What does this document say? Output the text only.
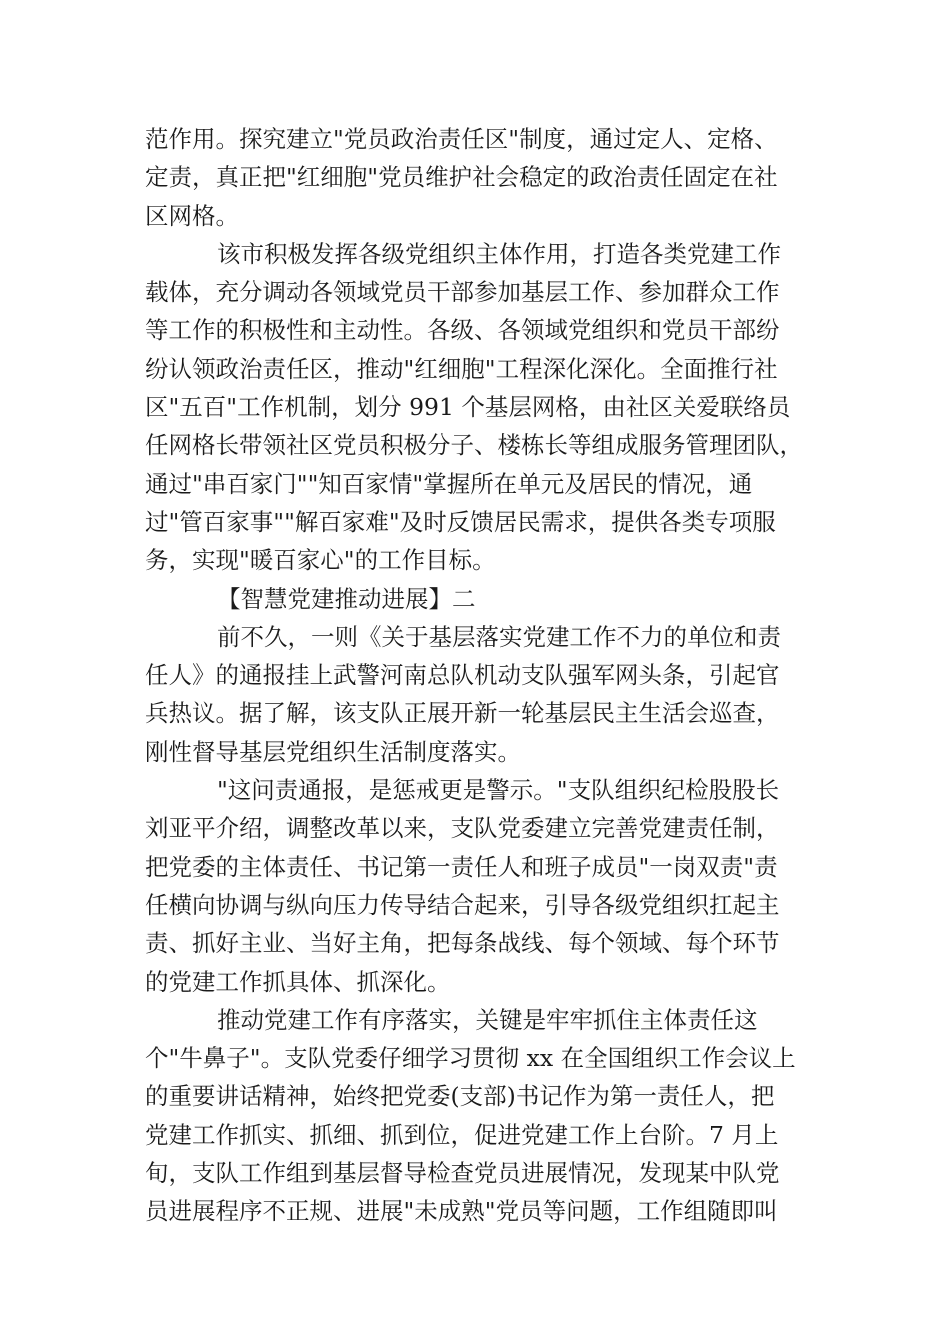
范作用。探究建立"党员政治责任区"制度，通过定人、定格、
定责，真正把"红细胞"党员维护社会稳定的政治责任固定在社
区网格。
该市积极发挥各级党组织主体作用，打造各类党建工作
载体，充分调动各领域党员干部参加基层工作、参加群众工作
等工作的积极性和主动性。各级、各领域党组织和党员干部纷
纷认领政治责任区，推动"红细胞"工程深化深化。全面推行社
区"五百"工作机制，划分 991 个基层网格，由社区关爱联络员
任网格长带领社区党员积极分子、楼栋长等组成服务管理团队，
通过"串百家门""知百家情"掌握所在单元及居民的情况，通
过"管百家事""解百家难"及时反馈居民需求，提供各类专项服
务，实现"暖百家心"的工作目标。
【智慧党建推动进展】二
前不久，一则《关于基层落实党建工作不力的单位和责
任人》的通报挂上武警河南总队机动支队强军网头条，引起官
兵热议。据了解，该支队正展开新一轮基层民主生活会巡查，
刚性督导基层党组织生活制度落实。
"这问责通报，是惩戒更是警示。"支队组织纪检股股长
刘亚平介绍，调整改革以来，支队党委建立完善党建责任制，
把党委的主体责任、书记第一责任人和班子成员"一岗双责"责
任横向协调与纵向压力传导结合起来，引导各级党组织扛起主
责、抓好主业、当好主角，把每条战线、每个领域、每个环节
的党建工作抓具体、抓深化。
推动党建工作有序落实，关键是牢牢抓住主体责任这
个"牛鼻子"。支队党委仔细学习贯彻 xx 在全国组织工作会议上
的重要讲话精神，始终把党委(支部)书记作为第一责任人，把
党建工作抓实、抓细、抓到位，促进党建工作上台阶。7 月上
旬，支队工作组到基层督导检查党员进展情况，发现某中队党
员进展程序不正规、进展"未成熟"党员等问题，工作组随即叫
